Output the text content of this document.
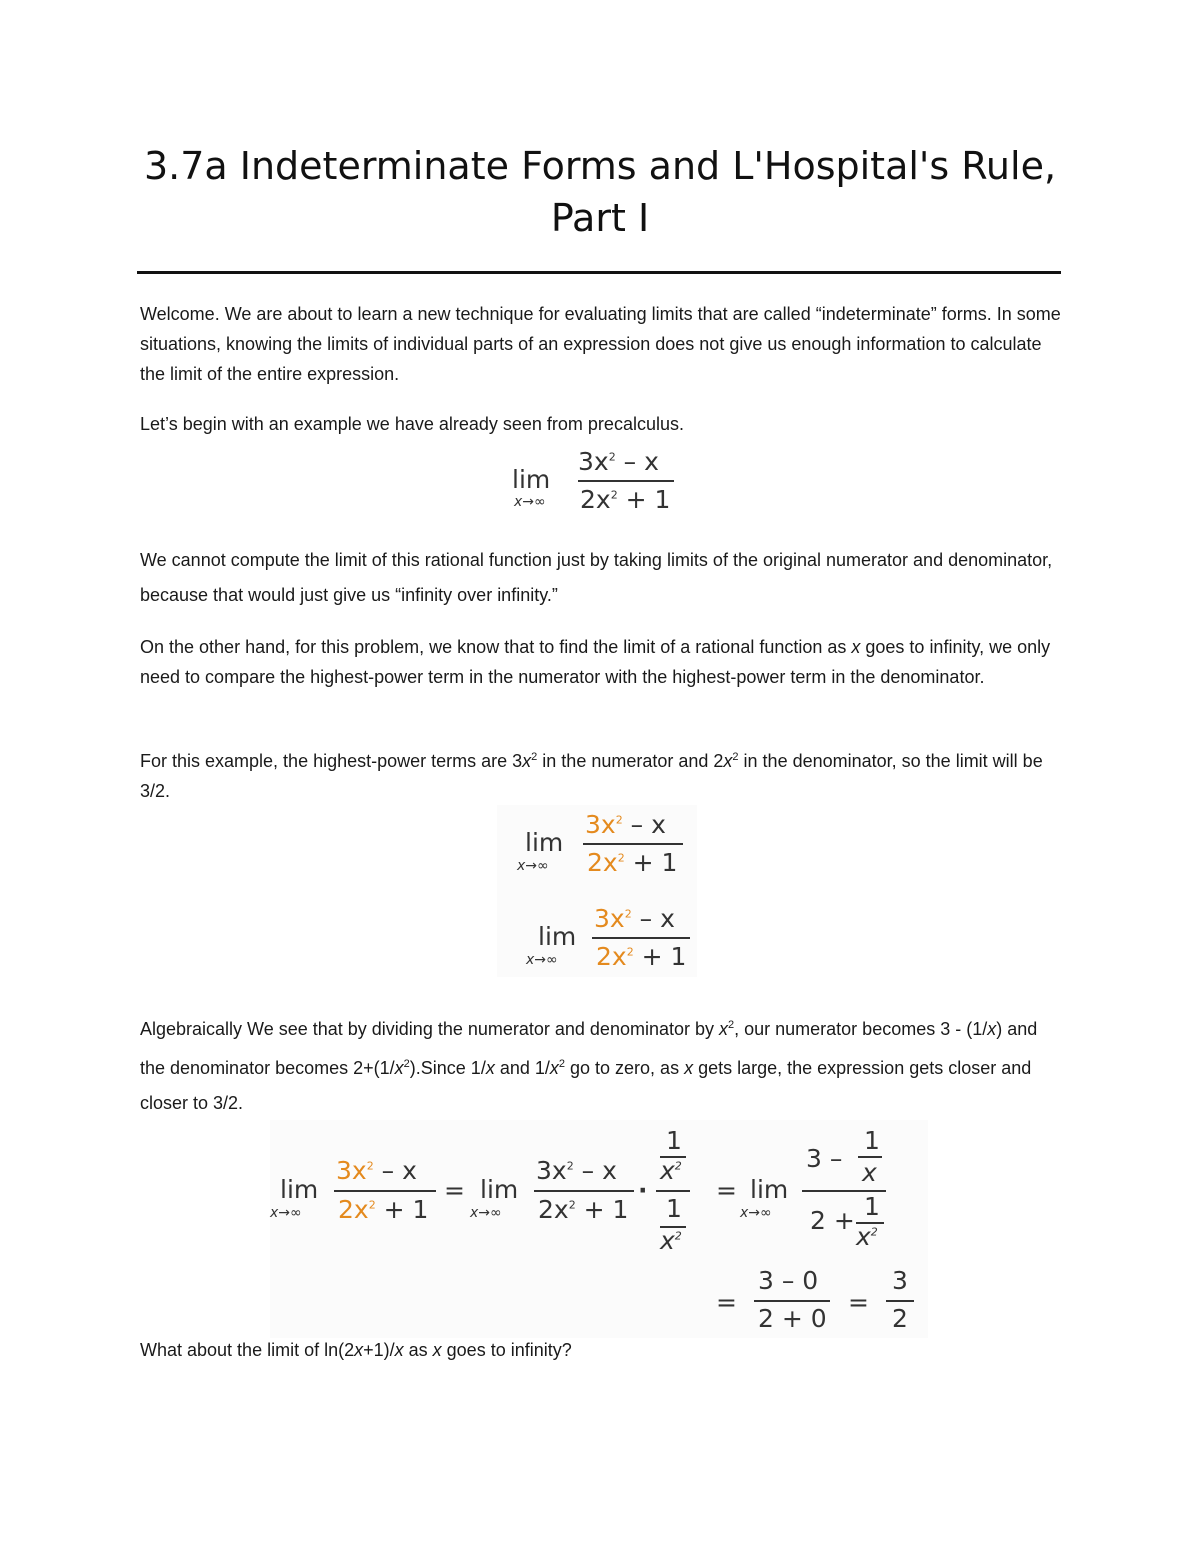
3.7a Indeterminate Forms and L'Hospital's Rule,
Part I

Welcome. We are about to learn a new technique for evaluating limits that are called “indeterminate” forms. In some situations, knowing the limits of individual parts of an expression does not give us enough information to calculate the limit of the entire expression.

Let’s begin with an example we have already seen from precalculus.

lim
x→∞
$3x^2$ – x
$2x^2 + 1$

We cannot compute the limit of this rational function just by taking limits of the original numerator and denominator, because that would just give us “infinity over infinity.”

On the other hand, for this problem, we know that to find the limit of a rational function as x goes to infinity, we only need to compare the highest-power term in the numerator with the highest-power term in the denominator.

For this example, the highest-power terms are $3x^2$ in the numerator and $2x^2$ in the denominator, so the limit will be 3/2.

lim
x→∞
$3x^2$ – x
$2x^2 + 1$
lim
x→∞
$3x^2$ – x
$2x^2 + 1$

Algebraically We see that by dividing the numerator and denominator by $x^2$, our numerator becomes 3 - (1/x) and the denominator becomes $2+(1/x^2).Since$ 1/x and $1/x^2$ go to zero, as x gets large, the expression gets closer and closer to 3/2.

lim
x→∞
$3x^2$ – x
$2x^2 + 1$
= lim
x→∞
$3x^2$ – x
$2x^2 + 1$
·
1
$x^2$
1
$x^2$
= lim
x→∞
3 –
1
x
2 + 1
$x^2$
=
3 – 0
2 + 0
=
3
2

What about the limit of ln(2x+1)/x as x goes to infinity?
